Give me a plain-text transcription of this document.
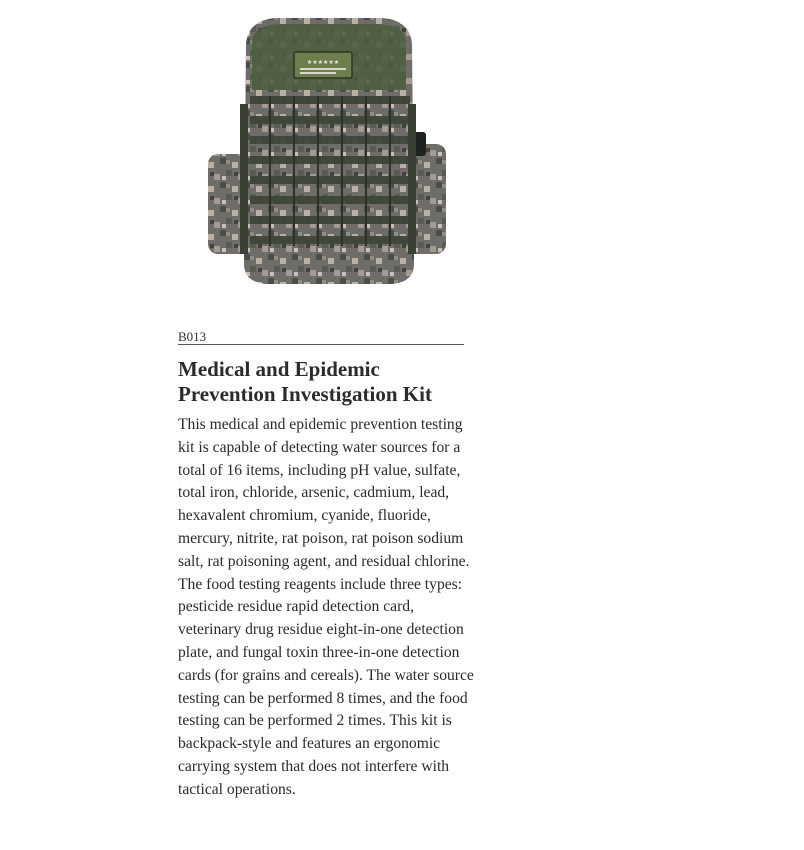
★★★★★★
B013
Medical and Epidemic Prevention Investigation Kit

This medical and epidemic prevention testing kit is capable of detecting water sources for a total of 16 items, including pH value, sulfate, total iron, chloride, arsenic, cadmium, lead, hexavalent chromium, cyanide, fluoride, mercury, nitrite, rat poison, rat poison sodium salt, rat poisoning agent, and residual chlorine. The food testing reagents include three types: pesticide residue rapid detection card, veterinary drug residue eight-in-one detection plate, and fungal toxin three-in-one detection cards (for grains and cereals). The water source testing can be performed 8 times, and the food testing can be performed 2 times. This kit is backpack-style and features an ergonomic carrying system that does not interfere with tactical operations.
